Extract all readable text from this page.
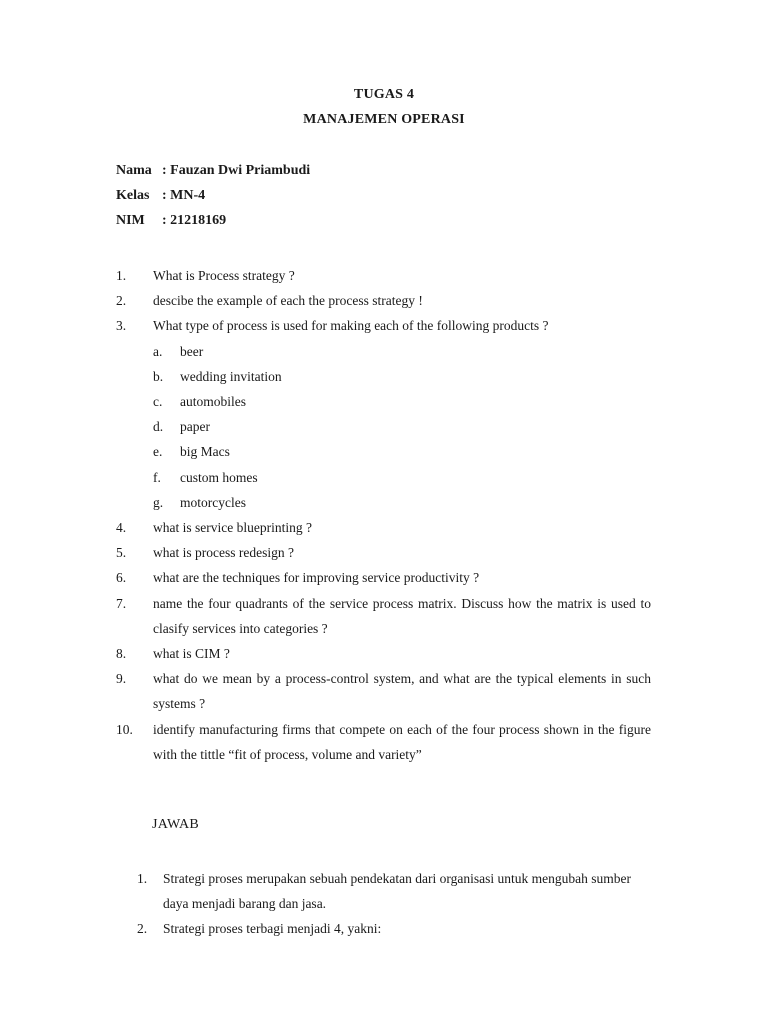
TUGAS 4
MANAJEMEN OPERASI
Nama : Fauzan Dwi Priambudi
Kelas : MN-4
NIM : 21218169
1. What is Process strategy ?
2. descibe the example of each the process strategy !
3. What type of process is used for making each of the following products ?
a. beer
b. wedding invitation
c. automobiles
d. paper
e. big Macs
f. custom homes
g. motorcycles
4. what is service blueprinting ?
5. what is process redesign ?
6. what are the techniques for improving service productivity ?
7. name the four quadrants of the service process matrix. Discuss how the matrix is used to clasify services into categories ?
8. what is CIM ?
9. what do we mean by a process-control system, and what are the typical elements in such systems ?
10. identify manufacturing firms that compete on each of the four process shown in the figure with the tittle “fit of process, volume and variety”
JAWAB
1. Strategi proses merupakan sebuah pendekatan dari organisasi untuk mengubah sumber daya menjadi barang dan jasa.
2. Strategi proses terbagi menjadi 4, yakni:
